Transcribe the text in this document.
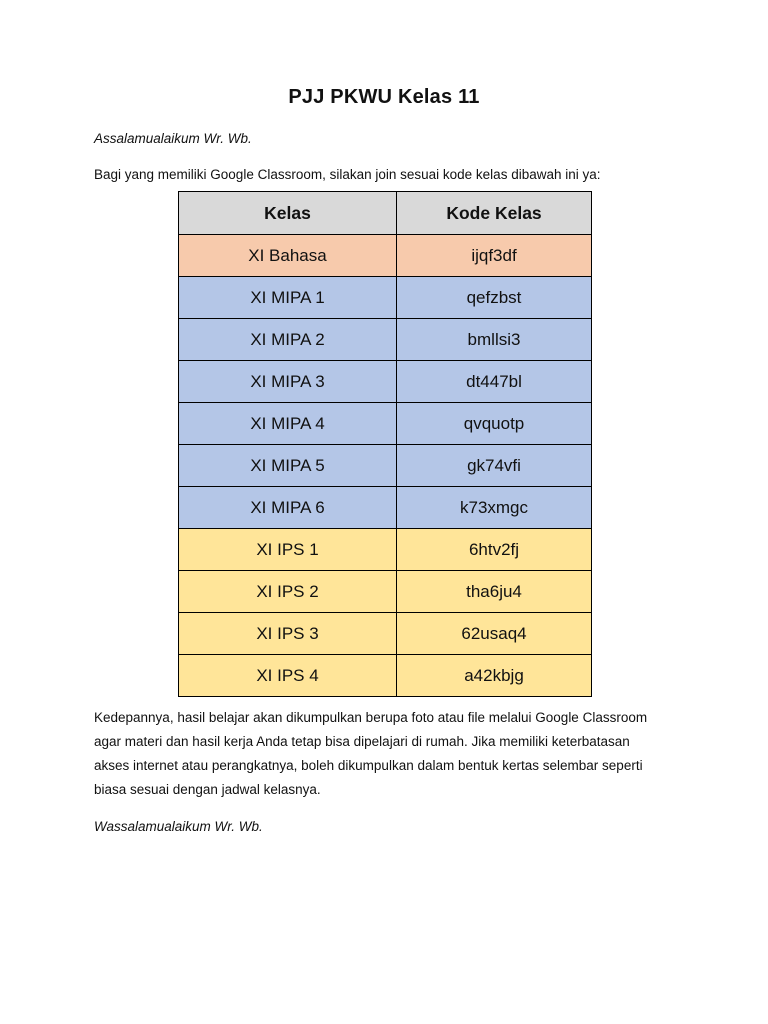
PJJ PKWU Kelas 11
Assalamualaikum Wr. Wb.
Bagi yang memiliki Google Classroom, silakan join sesuai kode kelas dibawah ini ya:
Kelas	Kode Kelas
XI Bahasa	ijqf3df
XI MIPA 1	qefzbst
XI MIPA 2	bmllsi3
XI MIPA 3	dt447bl
XI MIPA 4	qvquotp
XI MIPA 5	gk74vfi
XI MIPA 6	k73xmgc
XI IPS 1	6htv2fj
XI IPS 2	tha6ju4
XI IPS 3	62usaq4
XI IPS 4	a42kbjg
Kedepannya, hasil belajar akan dikumpulkan berupa foto atau file melalui Google Classroom
agar materi dan hasil kerja Anda tetap bisa dipelajari di rumah. Jika memiliki keterbatasan
akses internet atau perangkatnya, boleh dikumpulkan dalam bentuk kertas selembar seperti
biasa sesuai dengan jadwal kelasnya.
Wassalamualaikum Wr. Wb.
